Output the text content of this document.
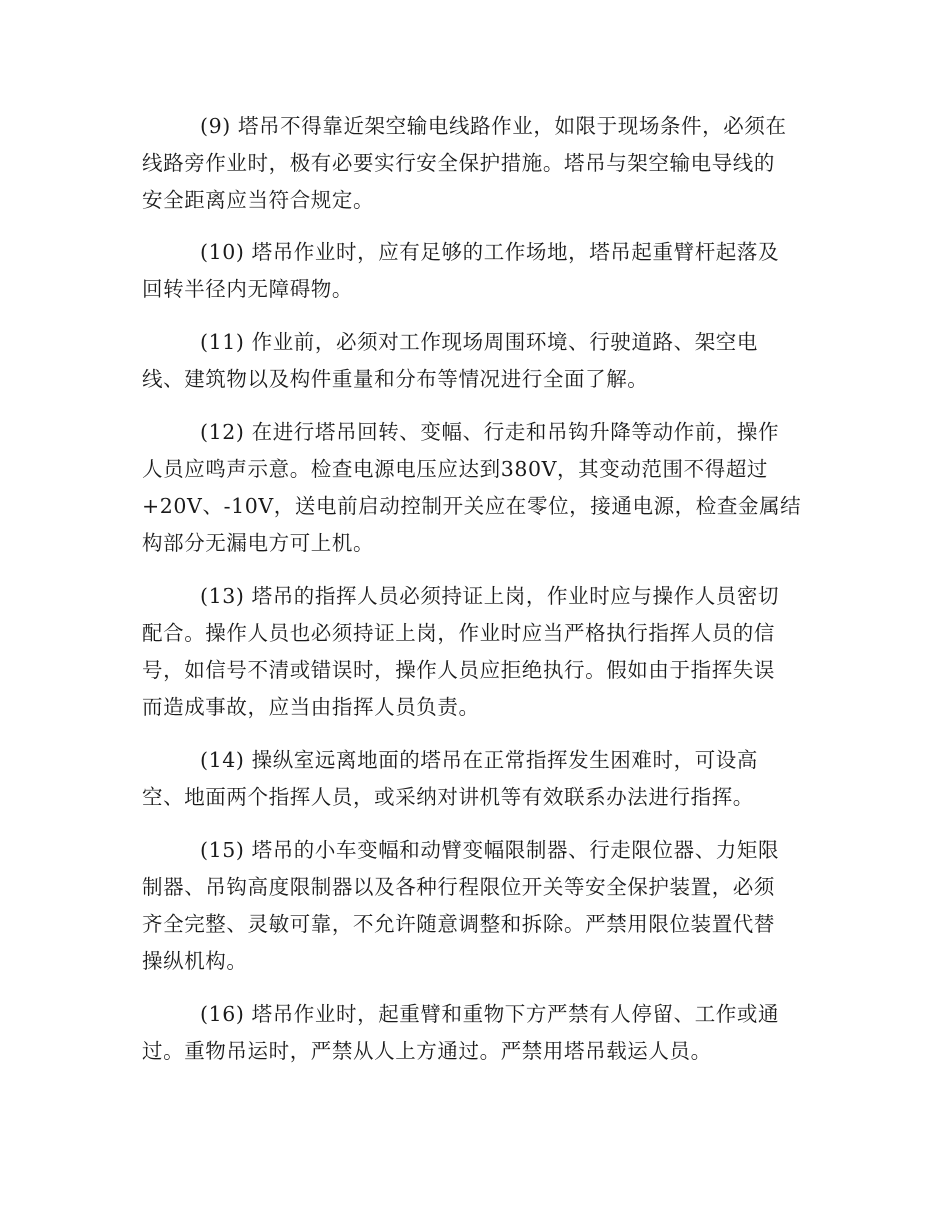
(9) 塔吊不得靠近架空输电线路作业，如限于现场条件，必须在
线路旁作业时，极有必要实行安全保护措施。塔吊与架空输电导线的
安全距离应当符合规定。
(10) 塔吊作业时，应有足够的工作场地，塔吊起重臂杆起落及
回转半径内无障碍物。
(11) 作业前，必须对工作现场周围环境、行驶道路、架空电
线、建筑物以及构件重量和分布等情况进行全面了解。
(12) 在进行塔吊回转、变幅、行走和吊钩升降等动作前，操作
人员应鸣声示意。检查电源电压应达到380V，其变动范围不得超过
+20V、-10V，送电前启动控制开关应在零位，接通电源，检查金属结
构部分无漏电方可上机。
(13) 塔吊的指挥人员必须持证上岗，作业时应与操作人员密切
配合。操作人员也必须持证上岗，作业时应当严格执行指挥人员的信
号，如信号不清或错误时，操作人员应拒绝执行。假如由于指挥失误
而造成事故，应当由指挥人员负责。
(14) 操纵室远离地面的塔吊在正常指挥发生困难时，可设高
空、地面两个指挥人员，或采纳对讲机等有效联系办法进行指挥。
(15) 塔吊的小车变幅和动臂变幅限制器、行走限位器、力矩限
制器、吊钩高度限制器以及各种行程限位开关等安全保护装置，必须
齐全完整、灵敏可靠，不允许随意调整和拆除。严禁用限位装置代替
操纵机构。
(16) 塔吊作业时，起重臂和重物下方严禁有人停留、工作或通
过。重物吊运时，严禁从人上方通过。严禁用塔吊载运人员。
